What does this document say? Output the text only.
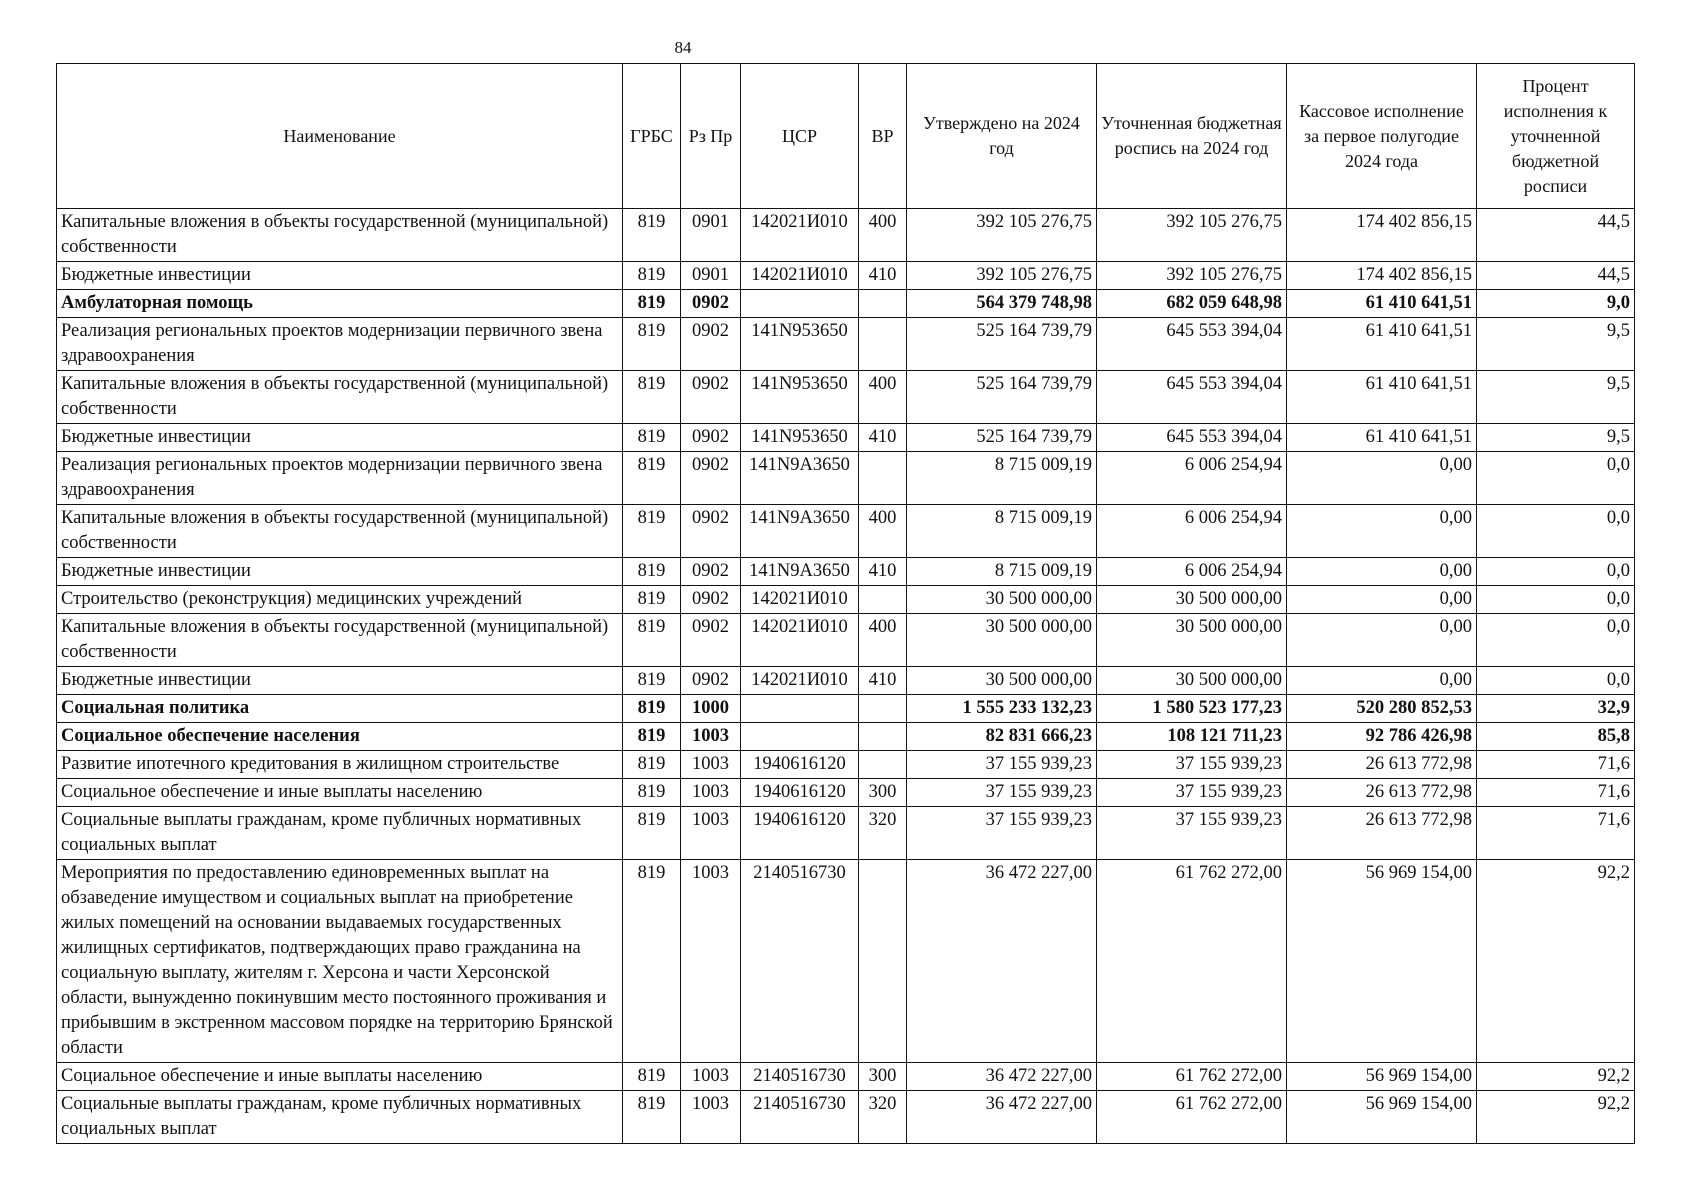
84
Наименование	ГРБС	Рз Пр	ЦСР	ВР	Утверждено на 2024 год	Уточненная бюджетная роспись на 2024 год	Кассовое исполнение за первое полугодие 2024 года	Процент исполнения к уточненной бюджетной росписи
Капитальные вложения в объекты государственной (муниципальной) собственности	819	0901	142021И010	400	392 105 276,75	392 105 276,75	174 402 856,15	44,5
Бюджетные инвестиции	819	0901	142021И010	410	392 105 276,75	392 105 276,75	174 402 856,15	44,5
Амбулаторная помощь	819	0902			564 379 748,98	682 059 648,98	61 410 641,51	9,0
Реализация региональных проектов модернизации первичного звена здравоохранения	819	0902	141N953650		525 164 739,79	645 553 394,04	61 410 641,51	9,5
Капитальные вложения в объекты государственной (муниципальной) собственности	819	0902	141N953650	400	525 164 739,79	645 553 394,04	61 410 641,51	9,5
Бюджетные инвестиции	819	0902	141N953650	410	525 164 739,79	645 553 394,04	61 410 641,51	9,5
Реализация региональных проектов модернизации первичного звена здравоохранения	819	0902	141N9A3650		8 715 009,19	6 006 254,94	0,00	0,0
Капитальные вложения в объекты государственной (муниципальной) собственности	819	0902	141N9A3650	400	8 715 009,19	6 006 254,94	0,00	0,0
Бюджетные инвестиции	819	0902	141N9A3650	410	8 715 009,19	6 006 254,94	0,00	0,0
Строительство (реконструкция) медицинских учреждений	819	0902	142021И010		30 500 000,00	30 500 000,00	0,00	0,0
Капитальные вложения в объекты государственной (муниципальной) собственности	819	0902	142021И010	400	30 500 000,00	30 500 000,00	0,00	0,0
Бюджетные инвестиции	819	0902	142021И010	410	30 500 000,00	30 500 000,00	0,00	0,0
Социальная политика	819	1000			1 555 233 132,23	1 580 523 177,23	520 280 852,53	32,9
Социальное обеспечение населения	819	1003			82 831 666,23	108 121 711,23	92 786 426,98	85,8
Развитие ипотечного кредитования в жилищном строительстве	819	1003	1940616120		37 155 939,23	37 155 939,23	26 613 772,98	71,6
Социальное обеспечение и иные выплаты населению	819	1003	1940616120	300	37 155 939,23	37 155 939,23	26 613 772,98	71,6
Социальные выплаты гражданам, кроме публичных нормативных социальных выплат	819	1003	1940616120	320	37 155 939,23	37 155 939,23	26 613 772,98	71,6
Мероприятия по предоставлению единовременных выплат на обзаведение имуществом и социальных выплат на приобретение жилых помещений на основании выдаваемых государственных жилищных сертификатов, подтверждающих право гражданина на социальную выплату, жителям г. Херсона и части Херсонской области, вынужденно покинувшим место постоянного проживания и прибывшим в экстренном массовом порядке на территорию Брянской области	819	1003	2140516730		36 472 227,00	61 762 272,00	56 969 154,00	92,2
Социальное обеспечение и иные выплаты населению	819	1003	2140516730	300	36 472 227,00	61 762 272,00	56 969 154,00	92,2
Социальные выплаты гражданам, кроме публичных нормативных социальных выплат	819	1003	2140516730	320	36 472 227,00	61 762 272,00	56 969 154,00	92,2
